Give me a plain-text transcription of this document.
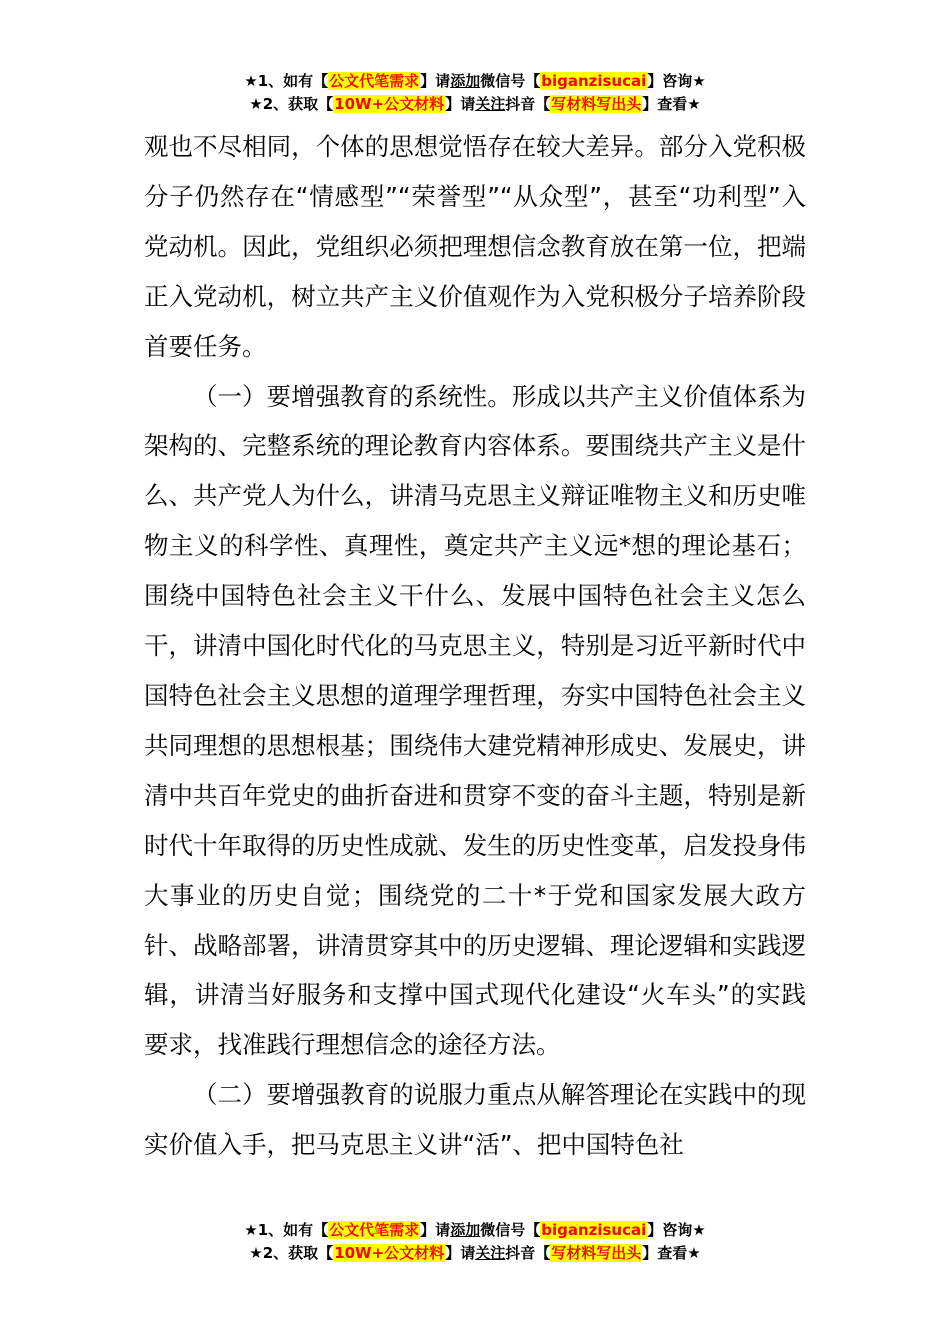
★1、如有【公文代笔需求】请添加微信号【biganzisucai】咨询★
★2、获取【10W+公文材料】请关注抖音【写材料写出头】查看★

观也不尽相同，个体的思想觉悟存在较大差异。部分入党积极分子仍然存在“情感型”“荣誉型”“从众型”，甚至“功利型”入党动机。因此，党组织必须把理想信念教育放在第一位，把端正入党动机，树立共产主义价值观作为入党积极分子培养阶段首要任务。

（一）要增强教育的系统性。形成以共产主义价值体系为架构的、完整系统的理论教育内容体系。要围绕共产主义是什么、共产党人为什么，讲清马克思主义辩证唯物主义和历史唯物主义的科学性、真理性，奠定共产主义远*想的理论基石；围绕中国特色社会主义干什么、发展中国特色社会主义怎么干，讲清中国化时代化的马克思主义，特别是习近平新时代中国特色社会主义思想的道理学理哲理，夯实中国特色社会主义共同理想的思想根基；围绕伟大建党精神形成史、发展史，讲清中共百年党史的曲折奋进和贯穿不变的奋斗主题，特别是新时代十年取得的历史性成就、发生的历史性变革，启发投身伟大事业的历史自觉；围绕党的二十*于党和国家发展大政方针、战略部署，讲清贯穿其中的历史逻辑、理论逻辑和实践逻辑，讲清当好服务和支撑中国式现代化建设“火车头”的实践要求，找准践行理想信念的途径方法。

（二）要增强教育的说服力重点从解答理论在实践中的现实价值入手，把马克思主义讲“活”、把中国特色社

★1、如有【公文代笔需求】请添加微信号【biganzisucai】咨询★
★2、获取【10W+公文材料】请关注抖音【写材料写出头】查看★
